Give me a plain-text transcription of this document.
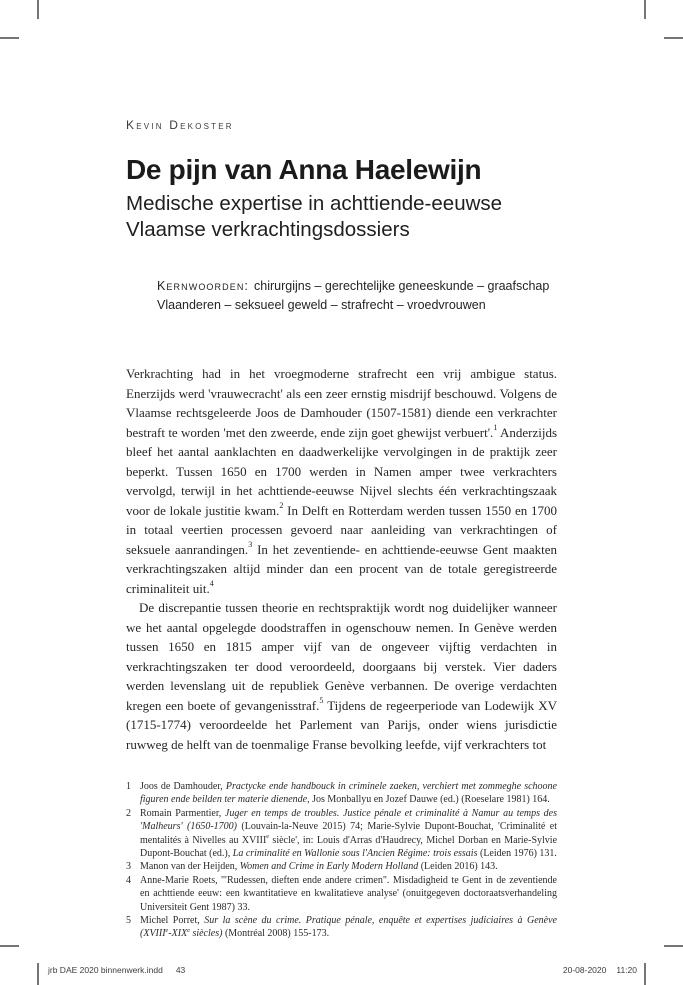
Kevin Dekoster
De pijn van Anna Haelewijn
Medische expertise in achttiende-eeuwse Vlaamse verkrachtingsdossiers

Kernwoorden: chirurgijns – gerechtelijke geneeskunde – graafschap Vlaanderen – seksueel geweld – strafrecht – vroedvrouwen

Verkrachting had in het vroegmoderne strafrecht een vrij ambigue status. Enerzijds werd 'vrauwecracht' als een zeer ernstig misdrijf beschouwd. Volgens de Vlaamse rechtsgeleerde Joos de Damhouder (1507-1581) diende een verkrachter bestraft te worden 'met den zweerde, ende zijn goet ghewijst verbuert'.$^1$ Anderzijds bleef het aantal aanklachten en daadwerkelijke vervolgingen in de praktijk zeer beperkt. Tussen 1650 en 1700 werden in Namen amper twee verkrachters vervolgd, terwijl in het achttiende-eeuwse Nijvel slechts één verkrachtingszaak voor de lokale justitie kwam.$^2$ In Delft en Rotterdam werden tussen 1550 en 1700 in totaal veertien processen gevoerd naar aanleiding van verkrachtingen of seksuele aanrandingen.$^3$ In het zeventiende- en achttiende-eeuwse Gent maakten verkrachtingszaken altijd minder dan een procent van de totale geregistreerde criminaliteit uit.$^4$

De discrepantie tussen theorie en rechtspraktijk wordt nog duidelijker wanneer we het aantal opgelegde doodstraffen in ogenschouw nemen. In Genève werden tussen 1650 en 1815 amper vijf van de ongeveer vijftig verdachten in verkrachtingszaken ter dood veroordeeld, doorgaans bij verstek. Vier daders werden levenslang uit de republiek Genève verbannen. De overige verdachten kregen een boete of gevangenisstraf.$^5$ Tijdens de regeerperiode van Lodewijk XV (1715-1774) veroordeelde het Parlement van Parijs, onder wiens jurisdictie ruwweg de helft van de toenmalige Franse bevolking leefde, vijf verkrachters tot

1 Joos de Damhouder, Practycke ende handbouck in criminele zaeken, verchiert met zommeghe schoone figuren ende beilden ter materie dienende, Jos Monballyu en Jozef Dauwe (ed.) (Roeselare 1981) 164.
2 Romain Parmentier, Juger en temps de troubles. Justice pénale et criminalité à Namur au temps des 'Malheurs' (1650-1700) (Louvain-la-Neuve 2015) 74; Marie-Sylvie Dupont-Bouchat, 'Criminalité et mentalités à Nivelles au XVIIIe siècle', in: Louis d'Arras d'Haudrecy, Michel Dorban en Marie-Sylvie Dupont-Bouchat (ed.), La criminalité en Wallonie sous l'Ancien Régime: trois essais (Leiden 1976) 131.
3 Manon van der Heijden, Women and Crime in Early Modern Holland (Leiden 2016) 143.
4 Anne-Marie Roets, '"Rudessen, dieften ende andere crimen". Misdadigheid te Gent in de zeventiende en achttiende eeuw: een kwantitatieve en kwalitatieve analyse' (onuitgegeven doctoraatsverhandeling Universiteit Gent 1987) 33.
5 Michel Porret, Sur la scène du crime. Pratique pénale, enquête et expertises judiciaires à Genève (XVIIIe-XIXe siècles) (Montréal 2008) 155-173.
jrb DAE 2020 binnenwerk.indd 43	20-08-2020 11:20
